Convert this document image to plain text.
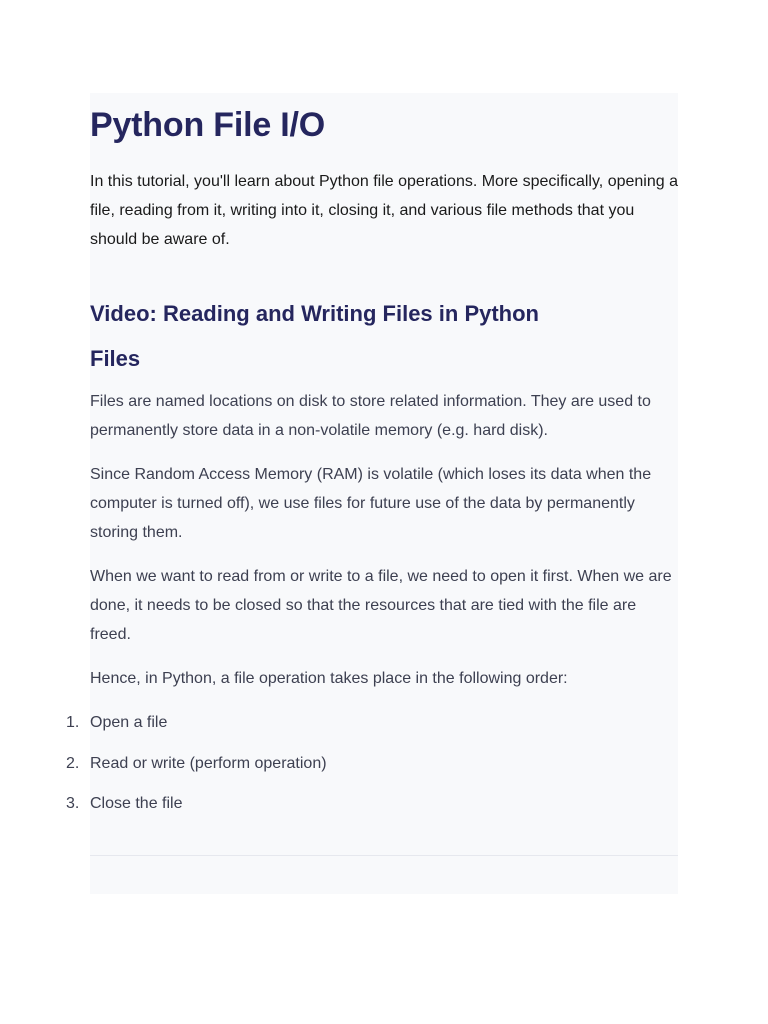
Python File I/O

In this tutorial, you'll learn about Python file operations. More specifically, opening a file, reading from it, writing into it, closing it, and various file methods that you should be aware of.

Video: Reading and Writing Files in Python
Files

Files are named locations on disk to store related information. They are used to permanently store data in a non-volatile memory (e.g. hard disk).

Since Random Access Memory (RAM) is volatile (which loses its data when the computer is turned off), we use files for future use of the data by permanently storing them.

When we want to read from or write to a file, we need to open it first. When we are done, it needs to be closed so that the resources that are tied with the file are freed.

Hence, in Python, a file operation takes place in the following order:

1. Open a file
2. Read or write (perform operation)
3. Close the file
